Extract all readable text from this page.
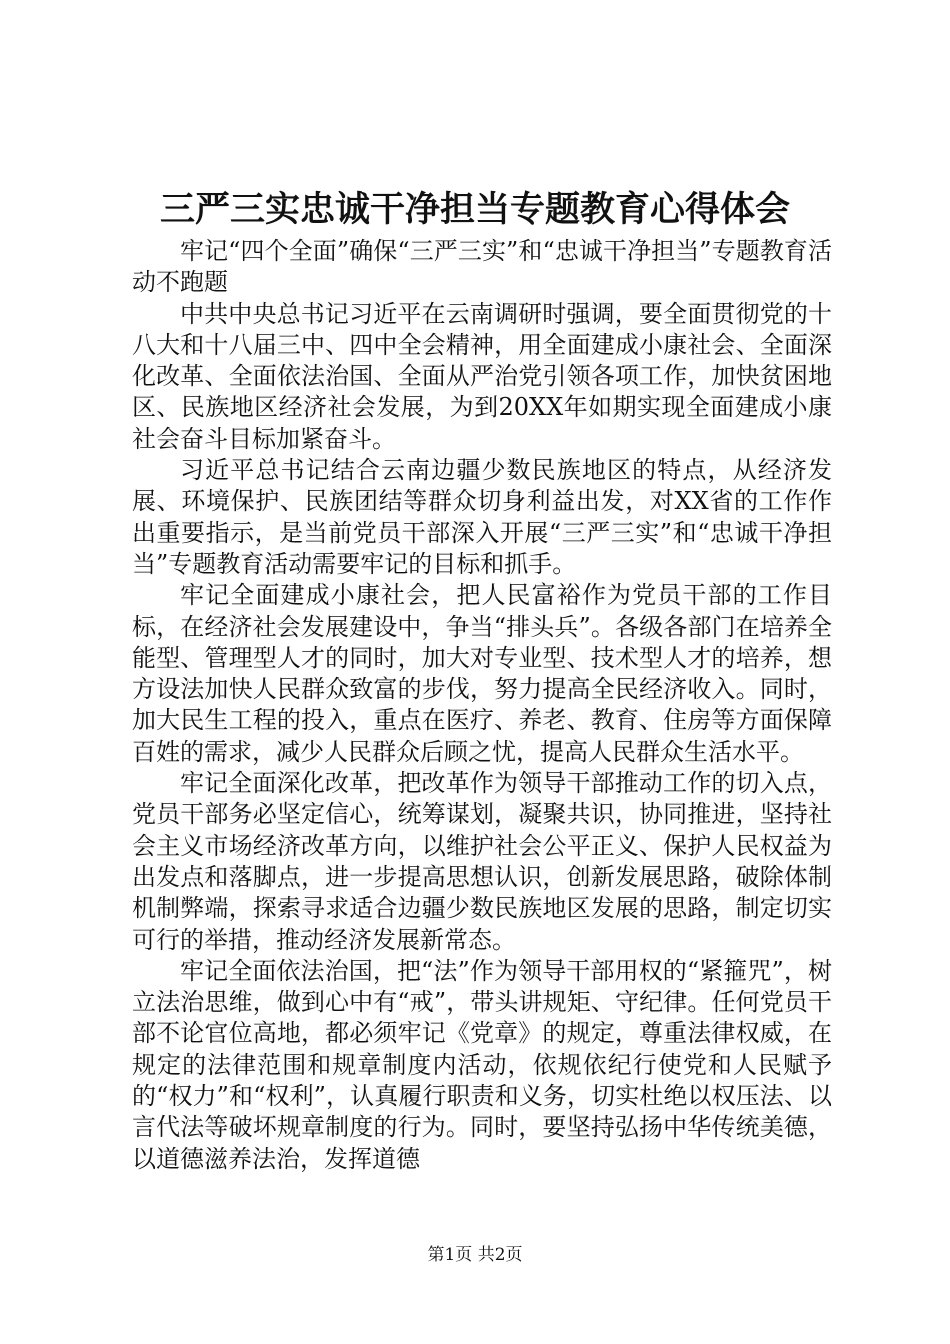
三严三实忠诚干净担当专题教育心得体会

牢记“四个全面”确保“三严三实”和“忠诚干净担当”专题教育活动不跑题

中共中央总书记习近平在云南调研时强调，要全面贯彻党的十八大和十八届三中、四中全会精神，用全面建成小康社会、全面深化改革、全面依法治国、全面从严治党引领各项工作，加快贫困地区、民族地区经济社会发展，为到20XX年如期实现全面建成小康社会奋斗目标加紧奋斗。

习近平总书记结合云南边疆少数民族地区的特点，从经济发展、环境保护、民族团结等群众切身利益出发，对XX省的工作作出重要指示，是当前党员干部深入开展“三严三实”和“忠诚干净担当”专题教育活动需要牢记的目标和抓手。

牢记全面建成小康社会，把人民富裕作为党员干部的工作目标，在经济社会发展建设中，争当“排头兵”。各级各部门在培养全能型、管理型人才的同时，加大对专业型、技术型人才的培养，想方设法加快人民群众致富的步伐，努力提高全民经济收入。同时，加大民生工程的投入，重点在医疗、养老、教育、住房等方面保障百姓的需求，减少人民群众后顾之忧，提高人民群众生活水平。

牢记全面深化改革，把改革作为领导干部推动工作的切入点，党员干部务必坚定信心，统筹谋划，凝聚共识，协同推进，坚持社会主义市场经济改革方向，以维护社会公平正义、保护人民权益为出发点和落脚点，进一步提高思想认识，创新发展思路，破除体制机制弊端，探索寻求适合边疆少数民族地区发展的思路，制定切实可行的举措，推动经济发展新常态。

牢记全面依法治国，把“法”作为领导干部用权的“紧箍咒”，树立法治思维，做到心中有“戒”，带头讲规矩、守纪律。任何党员干部不论官位高地，都必须牢记《党章》的规定，尊重法律权威，在规定的法律范围和规章制度内活动，依规依纪行使党和人民赋予的“权力”和“权利”，认真履行职责和义务，切实杜绝以权压法、以言代法等破坏规章制度的行为。同时，要坚持弘扬中华传统美德，以道德滋养法治，发挥道德

第1页 共2页
